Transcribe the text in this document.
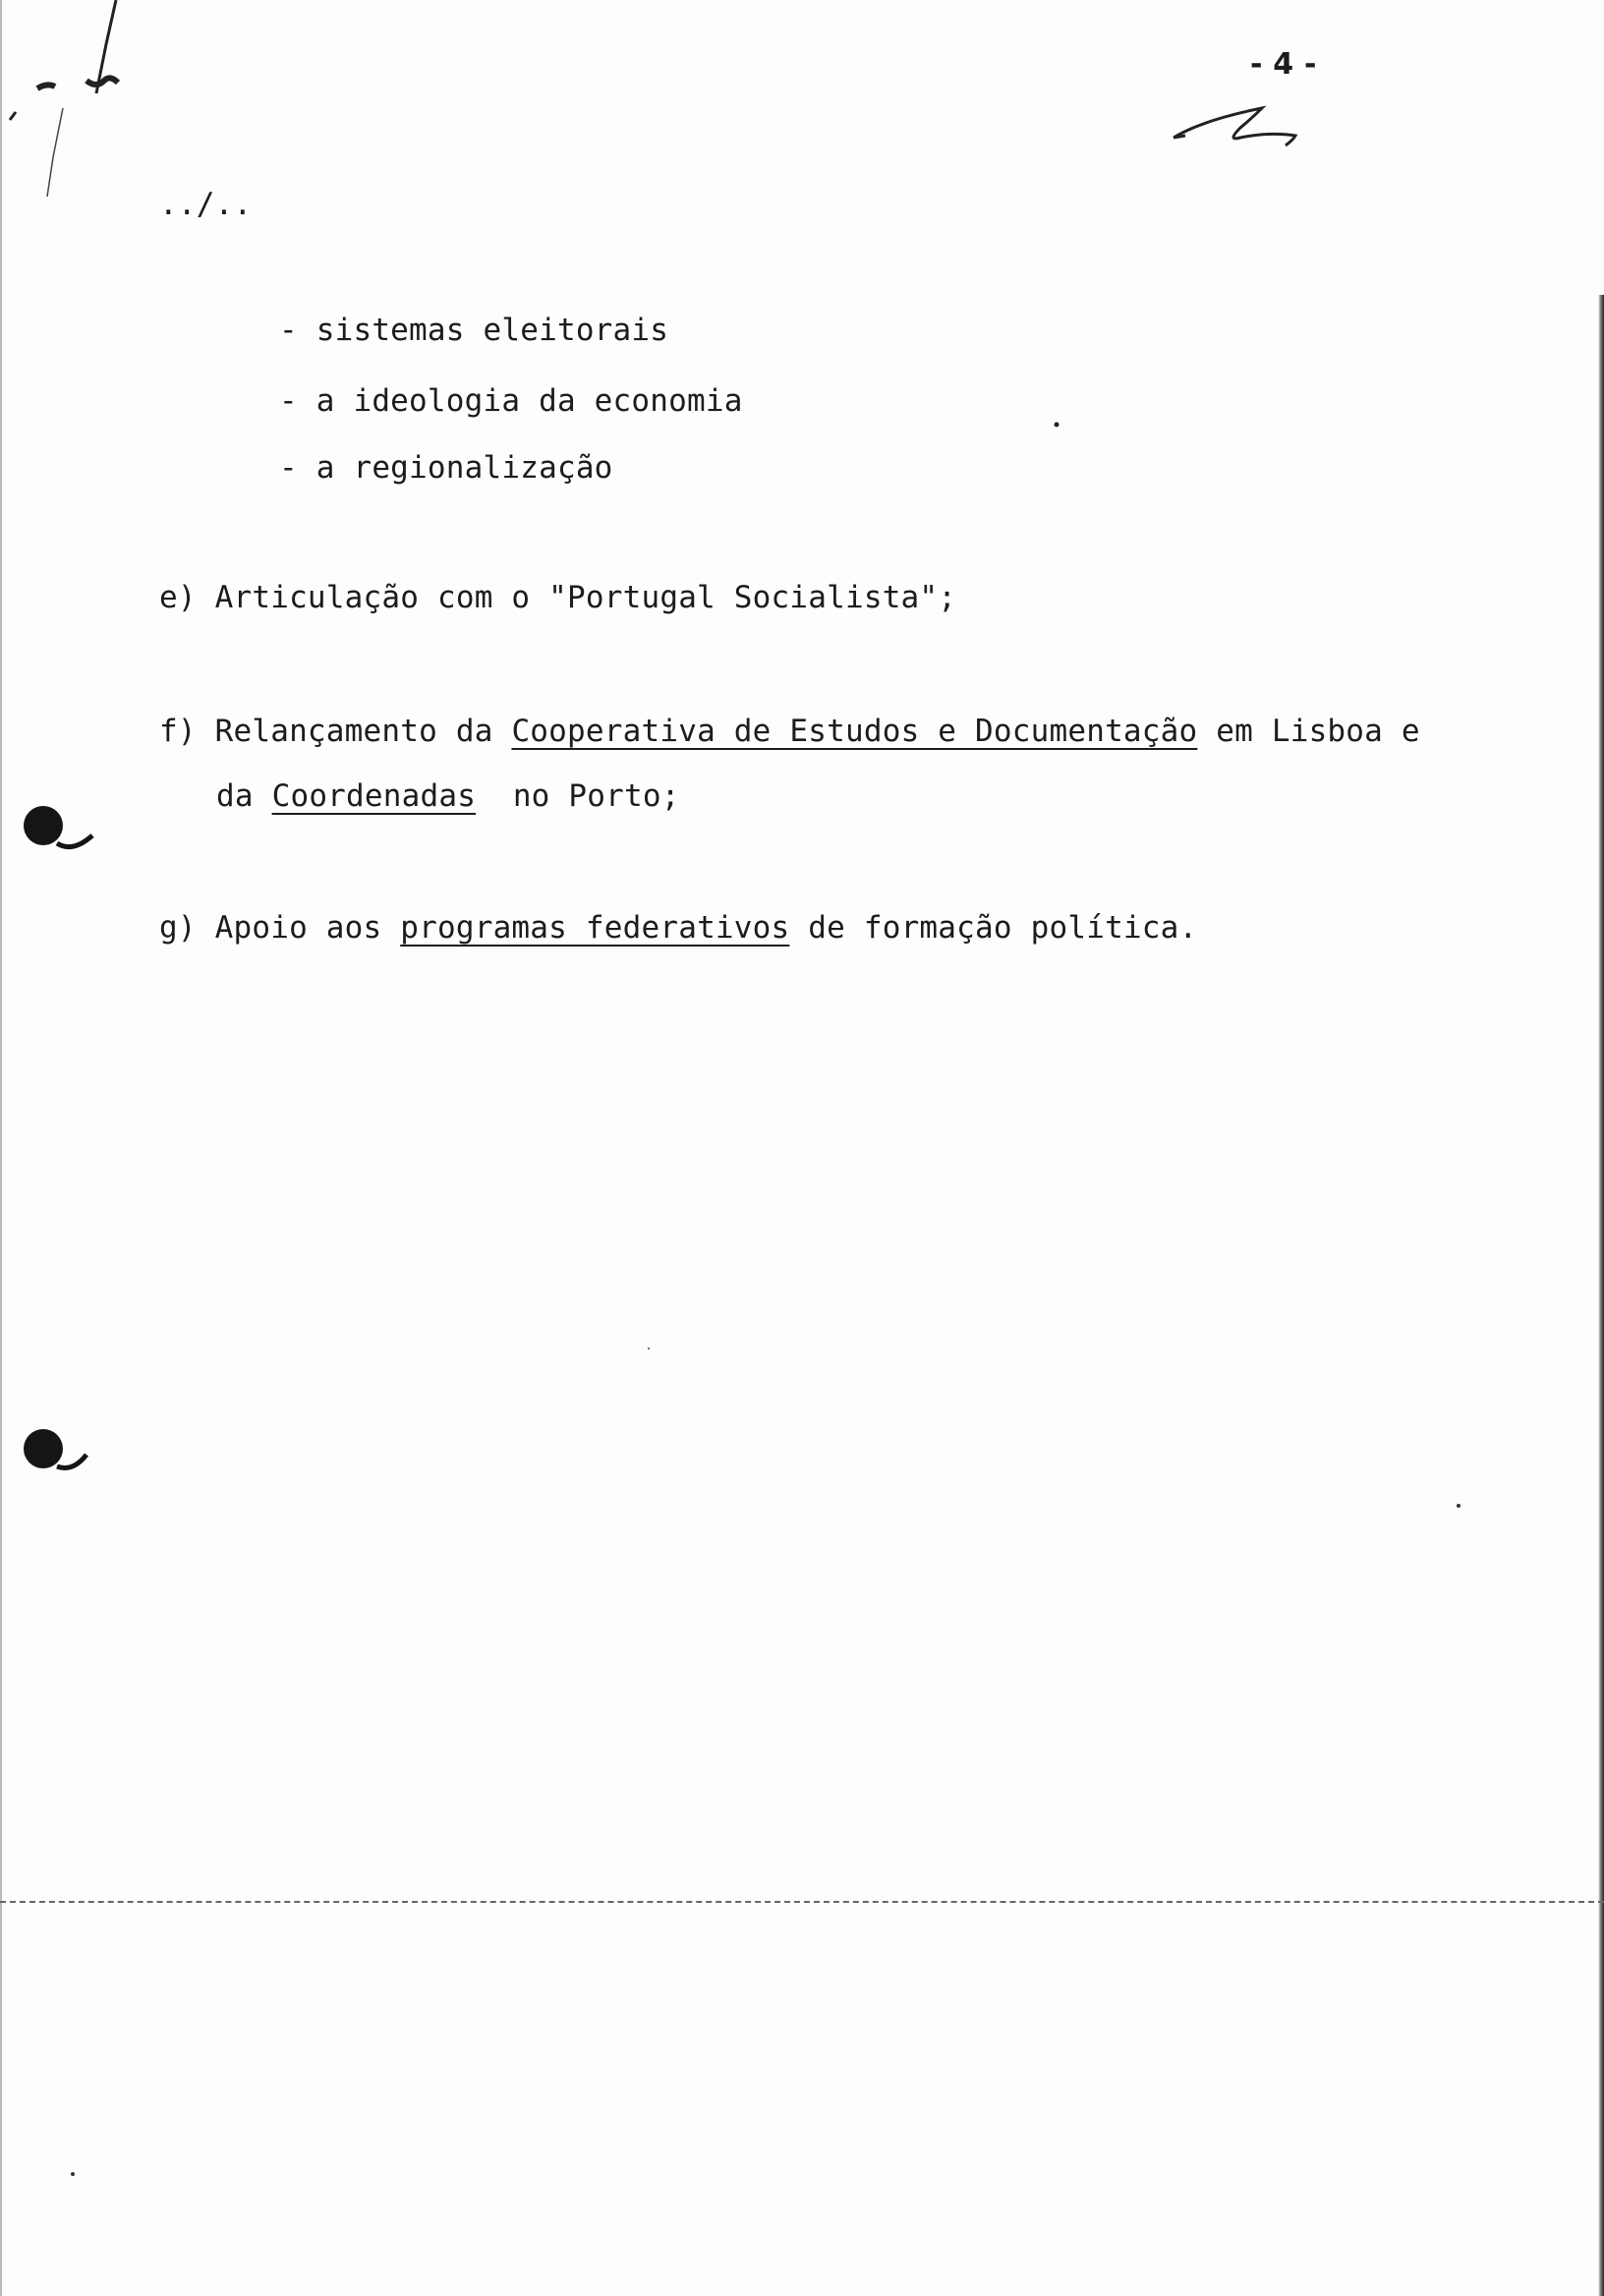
- 4 -
../..
- sistemas eleitorais
- a ideologia da economia
- a regionalização
e) Articulação com o "Portugal Socialista";
f) Relançamento da Cooperativa de Estudos e Documentação em Lisboa e
da Coordenadas  no Porto;
g) Apoio aos programas federativos de formação política.
